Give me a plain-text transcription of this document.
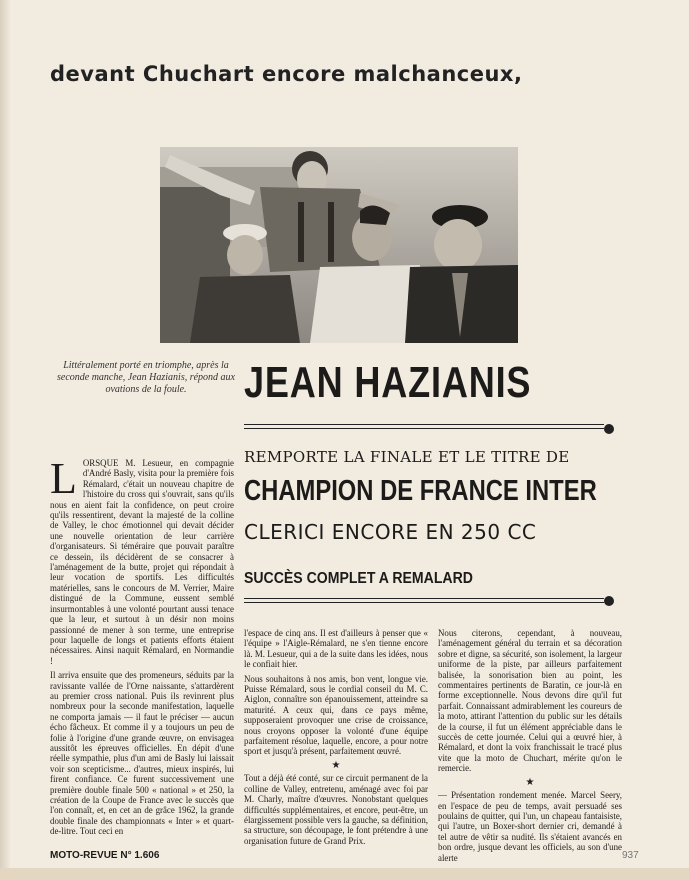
devant Chuchart encore malchanceux,
Littéralement porté en triomphe, après la seconde manche, Jean Hazianis, répond aux ovations de la foule.	JEAN HAZIANIS
REMPORTE LA FINALE ET LE TITRE DE
CHAMPION DE FRANCE INTER
CLERICI ENCORE EN 250 CC
SUCCÈS COMPLET A REMALARD
L ORSQUE M. Lesueur, en compagnie d'André Basly, visita pour la première fois Rémalard, c'était un nouveau chapitre de l'histoire du cross qui s'ouvrait, sans qu'ils nous en aient fait la confidence, on peut croire qu'ils ressentirent, devant la majesté de la colline de Valley, le choc émotionnel qui devait décider une nouvelle orientation de leur carrière d'organisateurs. Si téméraire que pouvait paraître ce dessein, ils décidèrent de se consacrer à l'aménagement de la butte, projet qui répondait à leur vocation de sportifs. Les difficultés matérielles, sans le concours de M. Verrier, Maire distingué de la Commune, eussent semblé insurmontables à une volonté pourtant aussi tenace que la leur, et surtout à un désir non moins passionné de mener à son terme, une entreprise pour laquelle de longs et patients efforts étaient nécessaires. Ainsi naquit Rémalard, en Normandie !

Il arriva ensuite que des promeneurs, séduits par la ravissante vallée de l'Orne naissante, s'attardèrent au premier cross national. Puis ils revinrent plus nombreux pour la seconde manifestation, laquelle ne comporta jamais — il faut le préciser — aucun écho fâcheux. Et comme il y a toujours un peu de folie à l'origine d'une grande œuvre, on envisagea aussitôt les épreuves officielles. En dépit d'une réelle sympathie, plus d'un ami de Basly lui laissait voir son scepticisme... d'autres, mieux inspirés, lui firent confiance. Ce furent successivement une première double finale 500 « national » et 250, la création de la Coupe de France avec le succès que l'on connaît, et, en cet an de grâce 1962, la grande double finale des championnats « Inter » et quart-de-litre. Tout ceci en

l'espace de cinq ans. Il est d'ailleurs à penser que « l'équipe » l'Aigle-Rémalard, ne s'en tienne encore là. M. Lesueur, qui a de la suite dans les idées, nous le confiait hier.

Nous souhaitons à nos amis, bon vent, longue vie. Puisse Rémalard, sous le cordial conseil du M. C. Aiglon, connaître son épanouissement, atteindre sa maturité. A ceux qui, dans ce pays même, supposeraient provoquer une crise de croissance, nous croyons opposer la volonté d'une équipe parfaitement résolue, laquelle, encore, a pour notre sport et jusqu'à présent, parfaitement œuvré.

★

Tout a déjà été conté, sur ce circuit permanent de la colline de Valley, entretenu, aménagé avec foi par M. Charly, maître d'œuvres. Nonobstant quelques difficultés supplémentaires, et encore, peut-être, un élargissement possible vers la gauche, sa définition, sa structure, son découpage, le font prétendre à une organisation future de Grand Prix.

Nous citerons, cependant, à nouveau, l'aménagement général du terrain et sa décoration sobre et digne, sa sécurité, son isolement, la largeur uniforme de la piste, par ailleurs parfaitement balisée, la sonorisation bien au point, les commentaires pertinents de Baratin, ce jour-là en forme exceptionnelle. Nous devons dire qu'il fut parfait. Connaissant admirablement les coureurs de la moto, attirant l'attention du public sur les détails de la course, il fut un élément appréciable dans le succès de cette journée. Celui qui a œuvré hier, à Rémalard, et dont la voix franchissait le tracé plus vite que la moto de Chuchart, mérite qu'on le remercie.

★

— Présentation rondement menée. Marcel Seery, en l'espace de peu de temps, avait persuadé ses poulains de quitter, qui l'un, un chapeau fantaisiste, qui l'autre, un Boxer-short dernier cri, demandé à tel autre de vêtir sa nudité. Ils s'étaient avancés en bon ordre, jusque devant les officiels, au son d'une alerte

MOTO-REVUE N° 1.606	937
